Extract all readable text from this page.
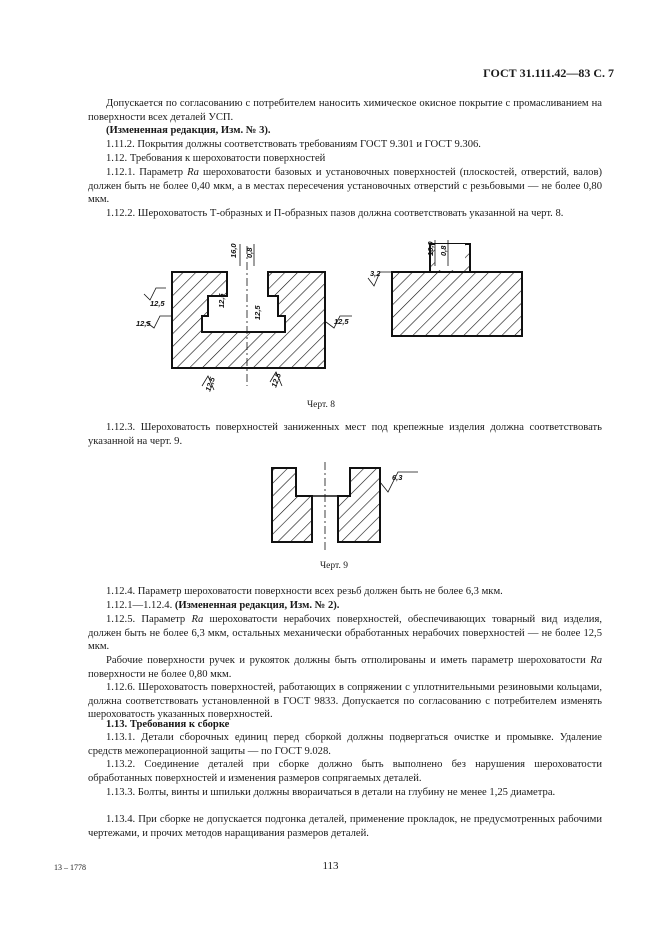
ГОСТ 31.111.42—83 С. 7

Допускается по согласованию с потребителем наносить химическое окисное покрытие с промасливанием на поверхности всех деталей УСП.

(Измененная редакция, Изм. № 3).

1.11.2. Покрытия должны соответствовать требованиям ГОСТ 9.301 и ГОСТ 9.306.

1.12. Требования к шероховатости поверхностей

1.12.1. Параметр Ra шероховатости базовых и установочных поверхностей (плоскостей, отверстий, валов) должен быть не более 0,40 мкм, а в местах пересечения установочных отверстий с резьбовыми — не более 0,80 мкм.

1.12.2. Шероховатость Т-образных и П-образных пазов должна соответствовать указанной на черт. 8.

16,0 0,8
12,5
12,5
12,5
12,5
12,5
12,5	12,5
16,0 0,8
3,2
Черт. 8

1.12.3. Шероховатость поверхностей заниженных мест под крепежные изделия должна соответствовать указанной на черт. 9.

6,3
Черт. 9

1.12.4. Параметр шероховатости поверхности всех резьб должен быть не более 6,3 мкм.

1.12.1—1.12.4. (Измененная редакция, Изм. № 2).

1.12.5. Параметр Ra шероховатости нерабочих поверхностей, обеспечивающих товарный вид изделия, должен быть не более 6,3 мкм, остальных механически обработанных нерабочих поверхностей — не более 12,5 мкм.

Рабочие поверхности ручек и рукояток должны быть отполированы и иметь параметр шероховатости Ra поверхности не более 0,80 мкм.

1.12.6. Шероховатость поверхностей, работающих в сопряжении с уплотнительными резиновыми кольцами, должна соответствовать установленной в ГОСТ 9833. Допускается по согласованию с потребителем изменять шероховатость указанных поверхностей.

1.13. Требования к сборке

1.13.1. Детали сборочных единиц перед сборкой должны подвергаться очистке и промывке. Удаление средств межоперационной защиты — по ГОСТ 9.028.

1.13.2. Соединение деталей при сборке должно быть выполнено без нарушения шероховатости обработанных поверхностей и изменения размеров сопрягаемых деталей.

1.13.3. Болты, винты и шпильки должны ввораичаться в детали на глубину не менее 1,25 диаметра.

1.13.4. При сборке не допускается подгонка деталей, применение прокладок, не предусмотренных рабочими чертежами, и прочих методов наращивания размеров деталей.

13 – 1778	113
